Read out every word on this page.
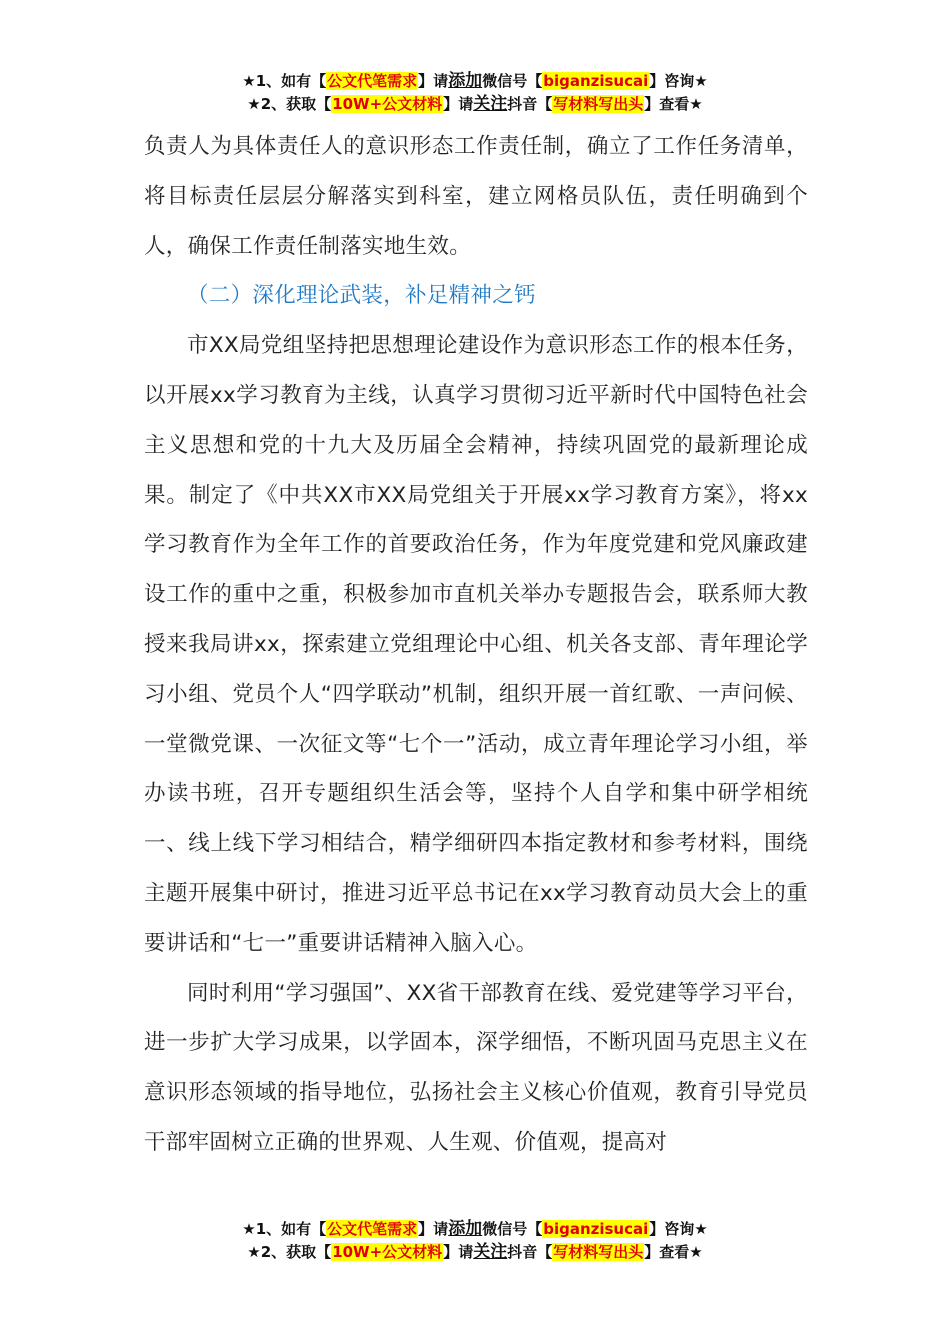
★1、如有【公文代笔需求】请添加微信号【biganzisucai】咨询★
★2、获取【10W+公文材料】请关注抖音【写材料写出头】查看★

负责人为具体责任人的意识形态工作责任制，确立了工作任务清单，将目标责任层层分解落实到科室，建立网格员队伍，责任明确到个人，确保工作责任制落实地生效。

（二）深化理论武装，补足精神之钙

市XX局党组坚持把思想理论建设作为意识形态工作的根本任务，以开展xx学习教育为主线，认真学习贯彻习近平新时代中国特色社会主义思想和党的十九大及历届全会精神，持续巩固党的最新理论成果。制定了《中共XX市XX局党组关于开展xx学习教育方案》，将xx学习教育作为全年工作的首要政治任务，作为年度党建和党风廉政建设工作的重中之重，积极参加市直机关举办专题报告会，联系师大教授来我局讲xx，探索建立党组理论中心组、机关各支部、青年理论学习小组、党员个人“四学联动”机制，组织开展一首红歌、一声问候、一堂微党课、一次征文等“七个一”活动，成立青年理论学习小组，举办读书班，召开专题组织生活会等，坚持个人自学和集中研学相统一、线上线下学习相结合，精学细研四本指定教材和参考材料，围绕主题开展集中研讨，推进习近平总书记在xx学习教育动员大会上的重要讲话和“七一”重要讲话精神入脑入心。

同时利用“学习强国”、XX省干部教育在线、爱党建等学习平台，进一步扩大学习成果，以学固本，深学细悟，不断巩固马克思主义在意识形态领域的指导地位，弘扬社会主义核心价值观，教育引导党员干部牢固树立正确的世界观、人生观、价值观，提高对

★1、如有【公文代笔需求】请添加微信号【biganzisucai】咨询★
★2、获取【10W+公文材料】请关注抖音【写材料写出头】查看★
